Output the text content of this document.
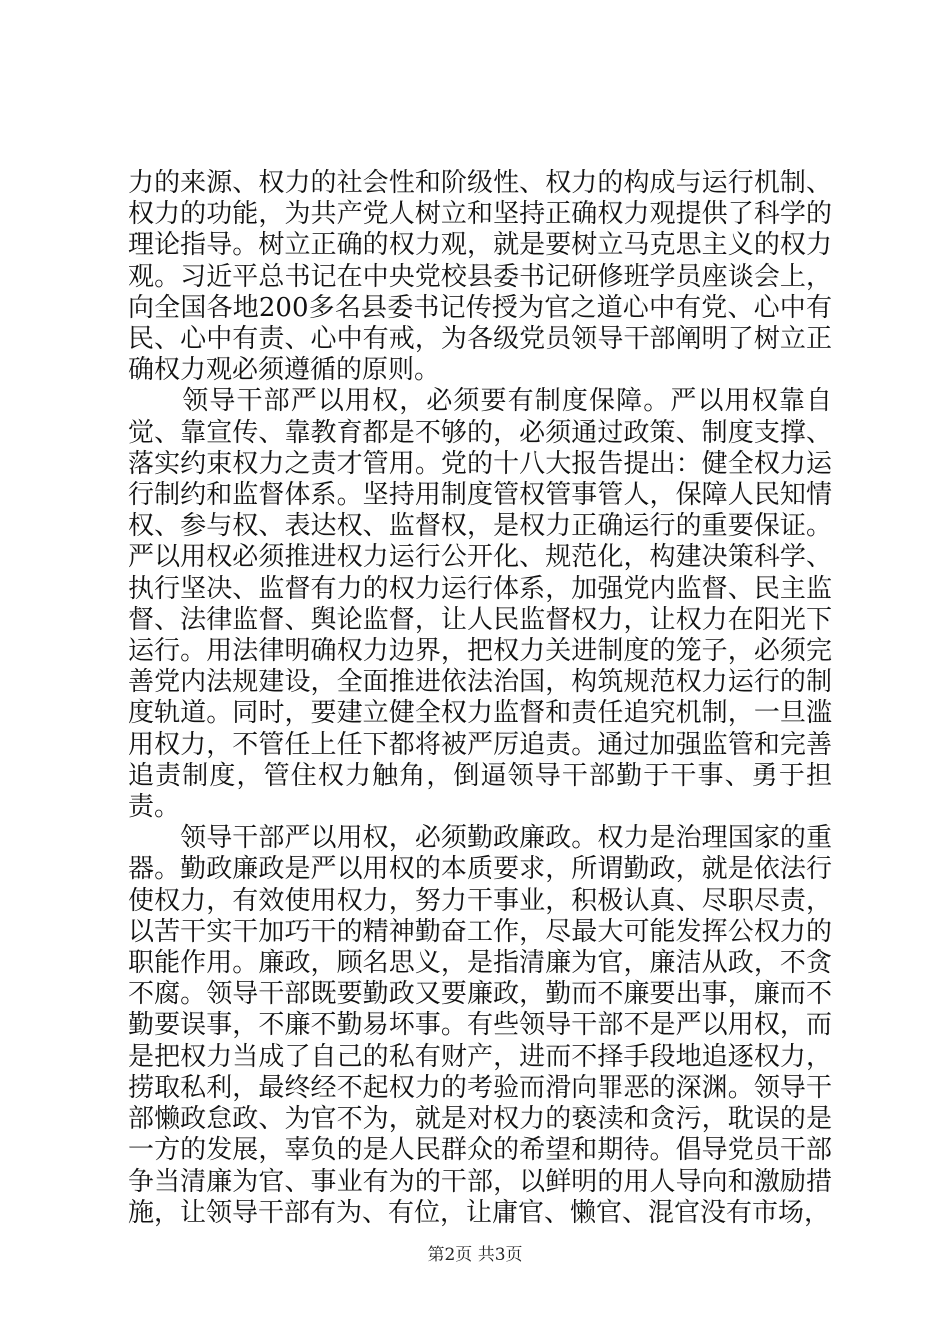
力的来源、权力的社会性和阶级性、权力的构成与运行机制、权力的功能，为共产党人树立和坚持正确权力观提供了科学的理论指导。树立正确的权力观，就是要树立马克思主义的权力观。习近平总书记在中央党校县委书记研修班学员座谈会上，向全国各地200多名县委书记传授为官之道心中有党、心中有民、心中有责、心中有戒，为各级党员领导干部阐明了树立正确权力观必须遵循的原则。

　　领导干部严以用权，必须要有制度保障。严以用权靠自觉、靠宣传、靠教育都是不够的，必须通过政策、制度支撑、落实约束权力之责才管用。党的十八大报告提出：健全权力运行制约和监督体系。坚持用制度管权管事管人，保障人民知情权、参与权、表达权、监督权，是权力正确运行的重要保证。严以用权必须推进权力运行公开化、规范化，构建决策科学、执行坚决、监督有力的权力运行体系，加强党内监督、民主监督、法律监督、舆论监督，让人民监督权力，让权力在阳光下运行。用法律明确权力边界，把权力关进制度的笼子，必须完善党内法规建设，全面推进依法治国，构筑规范权力运行的制度轨道。同时，要建立健全权力监督和责任追究机制，一旦滥用权力，不管任上任下都将被严厉追责。通过加强监管和完善追责制度，管住权力触角，倒逼领导干部勤于干事、勇于担责。

　　领导干部严以用权，必须勤政廉政。权力是治理国家的重器。勤政廉政是严以用权的本质要求，所谓勤政，就是依法行使权力，有效使用权力，努力干事业，积极认真、尽职尽责，以苦干实干加巧干的精神勤奋工作，尽最大可能发挥公权力的职能作用。廉政，顾名思义，是指清廉为官，廉洁从政，不贪不腐。领导干部既要勤政又要廉政，勤而不廉要出事，廉而不勤要误事，不廉不勤易坏事。有些领导干部不是严以用权，而是把权力当成了自己的私有财产，进而不择手段地追逐权力，捞取私利，最终经不起权力的考验而滑向罪恶的深渊。领导干部懒政怠政、为官不为，就是对权力的亵渎和贪污，耽误的是一方的发展，辜负的是人民群众的希望和期待。倡导党员干部争当清廉为官、事业有为的干部，以鲜明的用人导向和激励措施，让领导干部有为、有位，让庸官、懒官、混官没有市场，

第2页 共3页
